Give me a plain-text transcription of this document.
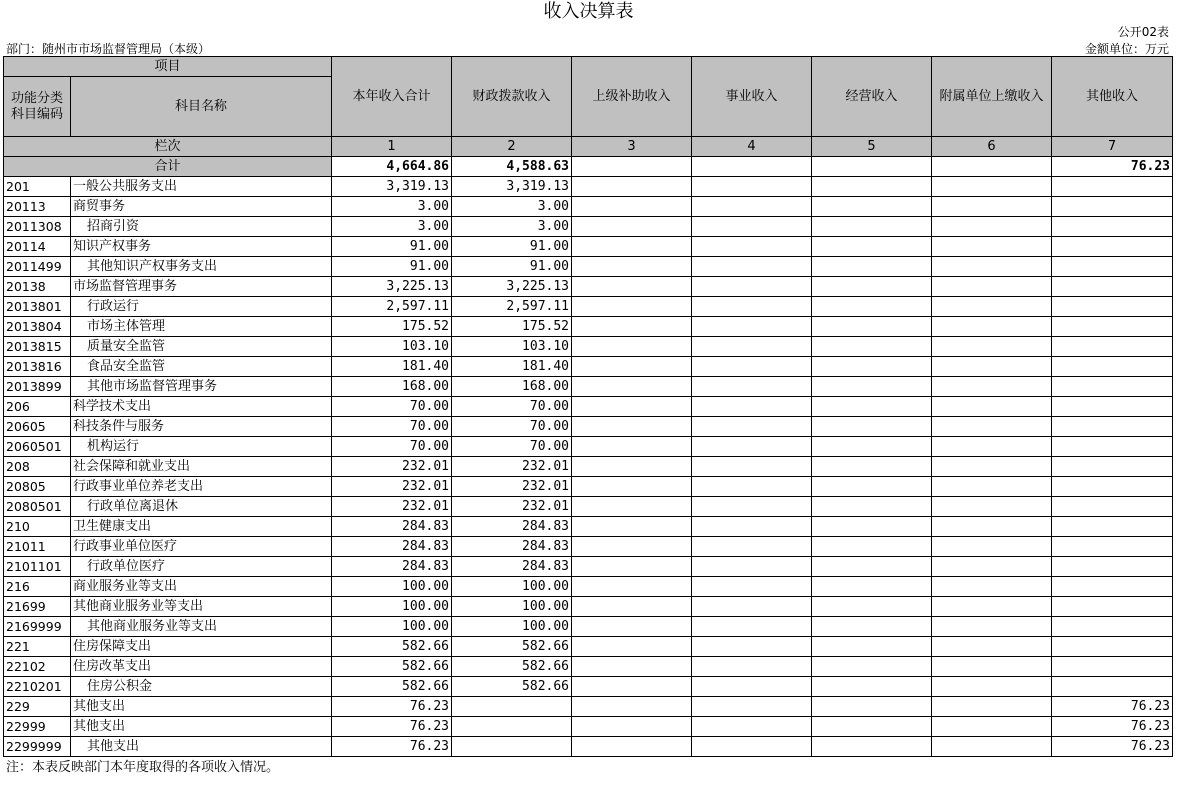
收入决算表
公开02表
部门：随州市市场监督管理局（本级）	金额单位：万元
项目		本年收入合计	财政拨款收入	上级补助收入	事业收入	经营收入	附属单位上缴收入	其他收入
功能分类科目编码	科目名称							
栏次		1	2	3	4	5	6	7
合计		4,664.86	4,588.63					76.23
201	一般公共服务支出	3,319.13	3,319.13					
20113	商贸事务	3.00	3.00					
2011308	招商引资	3.00	3.00					
20114	知识产权事务	91.00	91.00					
2011499	其他知识产权事务支出	91.00	91.00					
20138	市场监督管理事务	3,225.13	3,225.13					
2013801	行政运行	2,597.11	2,597.11					
2013804	市场主体管理	175.52	175.52					
2013815	质量安全监管	103.10	103.10					
2013816	食品安全监管	181.40	181.40					
2013899	其他市场监督管理事务	168.00	168.00					
206	科学技术支出	70.00	70.00					
20605	科技条件与服务	70.00	70.00					
2060501	机构运行	70.00	70.00					
208	社会保障和就业支出	232.01	232.01					
20805	行政事业单位养老支出	232.01	232.01					
2080501	行政单位离退休	232.01	232.01					
210	卫生健康支出	284.83	284.83					
21011	行政事业单位医疗	284.83	284.83					
2101101	行政单位医疗	284.83	284.83					
216	商业服务业等支出	100.00	100.00					
21699	其他商业服务业等支出	100.00	100.00					
2169999	其他商业服务业等支出	100.00	100.00					
221	住房保障支出	582.66	582.66					
22102	住房改革支出	582.66	582.66					
2210201	住房公积金	582.66	582.66					
229	其他支出	76.23						76.23
22999	其他支出	76.23						76.23
2299999	其他支出	76.23						76.23
注：本表反映部门本年度取得的各项收入情况。
